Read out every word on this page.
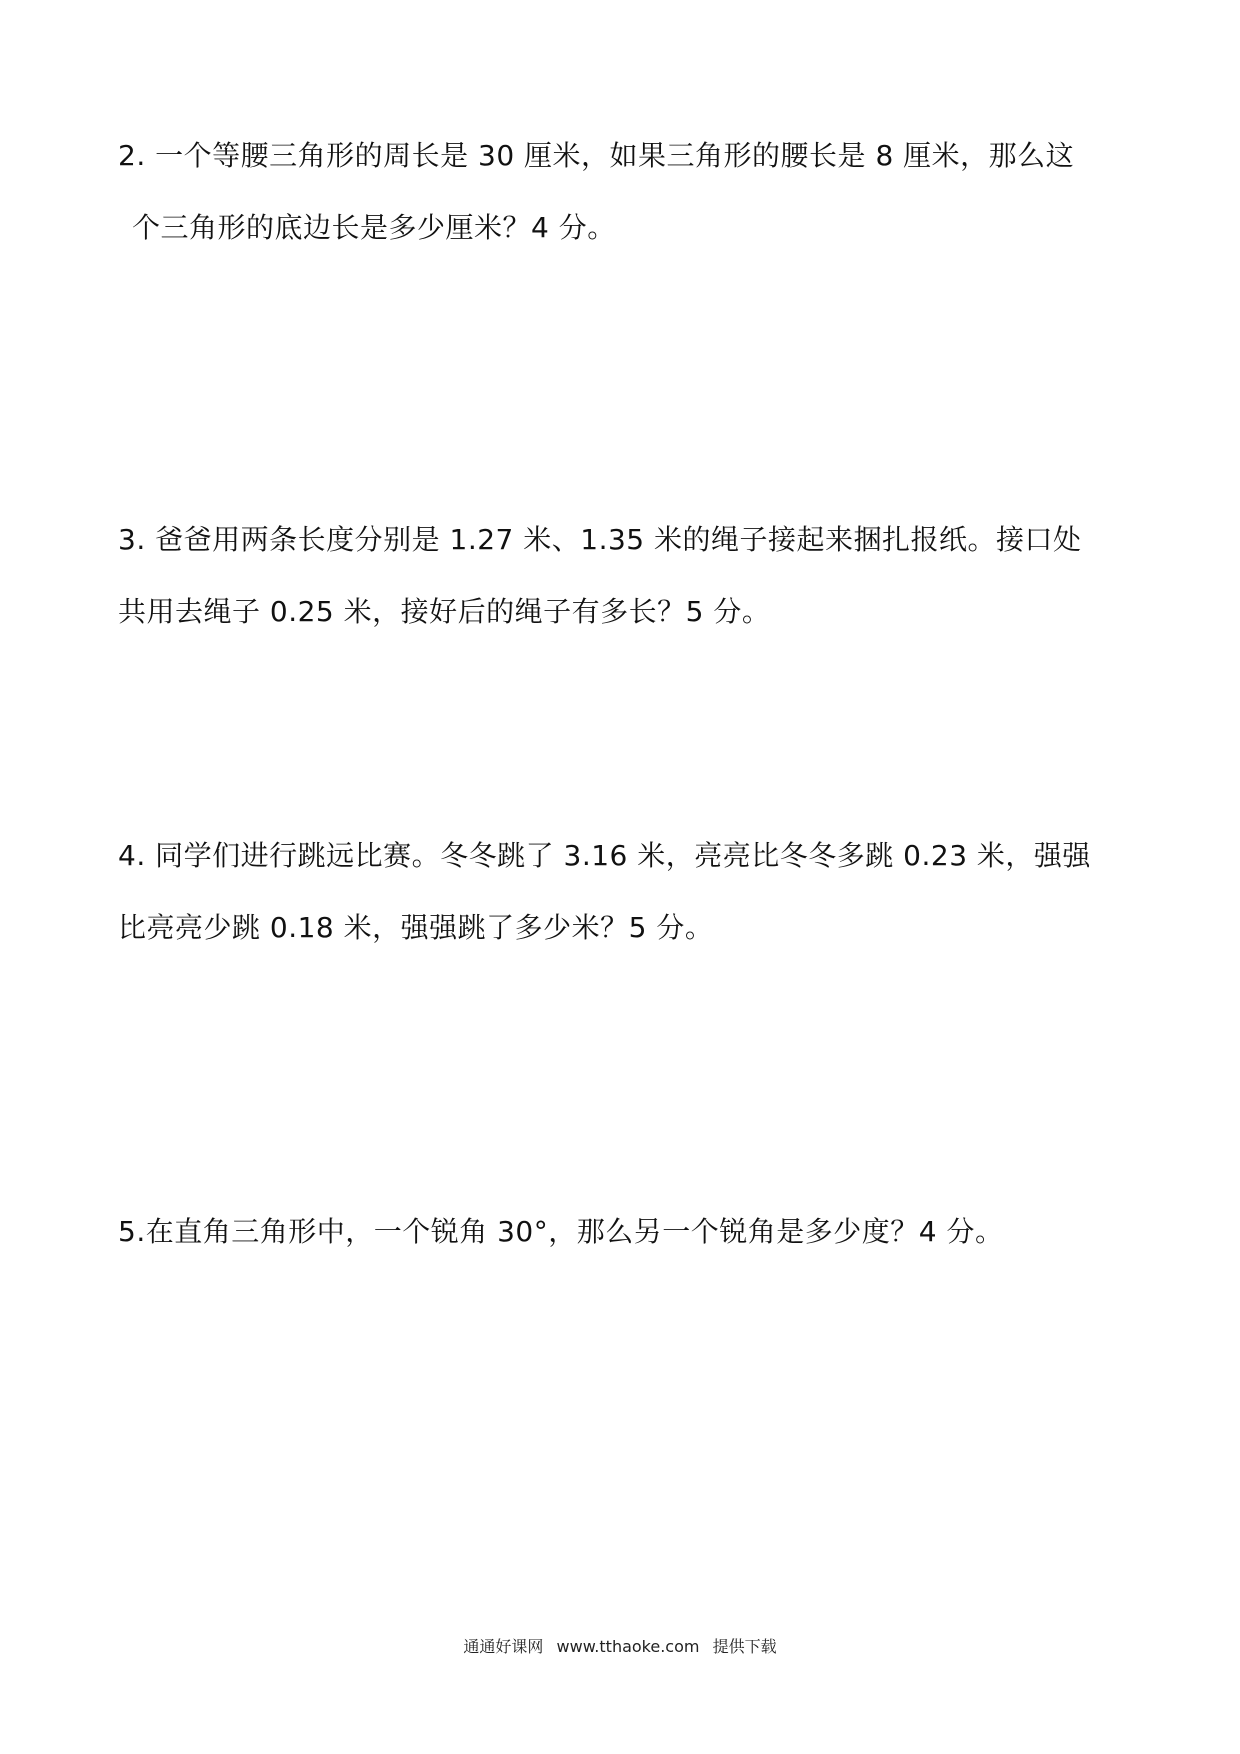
2. 一个等腰三角形的周长是 30 厘米，如果三角形的腰长是 8 厘米，那么这
个三角形的底边长是多少厘米？4 分。
3. 爸爸用两条长度分别是 1.27 米、1.35 米的绳子接起来捆扎报纸。接口处
共用去绳子 0.25 米，接好后的绳子有多长？5 分。
4. 同学们进行跳远比赛。冬冬跳了 3.16 米，亮亮比冬冬多跳 0.23 米，强强
比亮亮少跳 0.18 米，强强跳了多少米？5 分。
5.在直角三角形中，一个锐角 30°，那么另一个锐角是多少度？4 分。
通通好课网 www.tthaoke.com 提供下载
